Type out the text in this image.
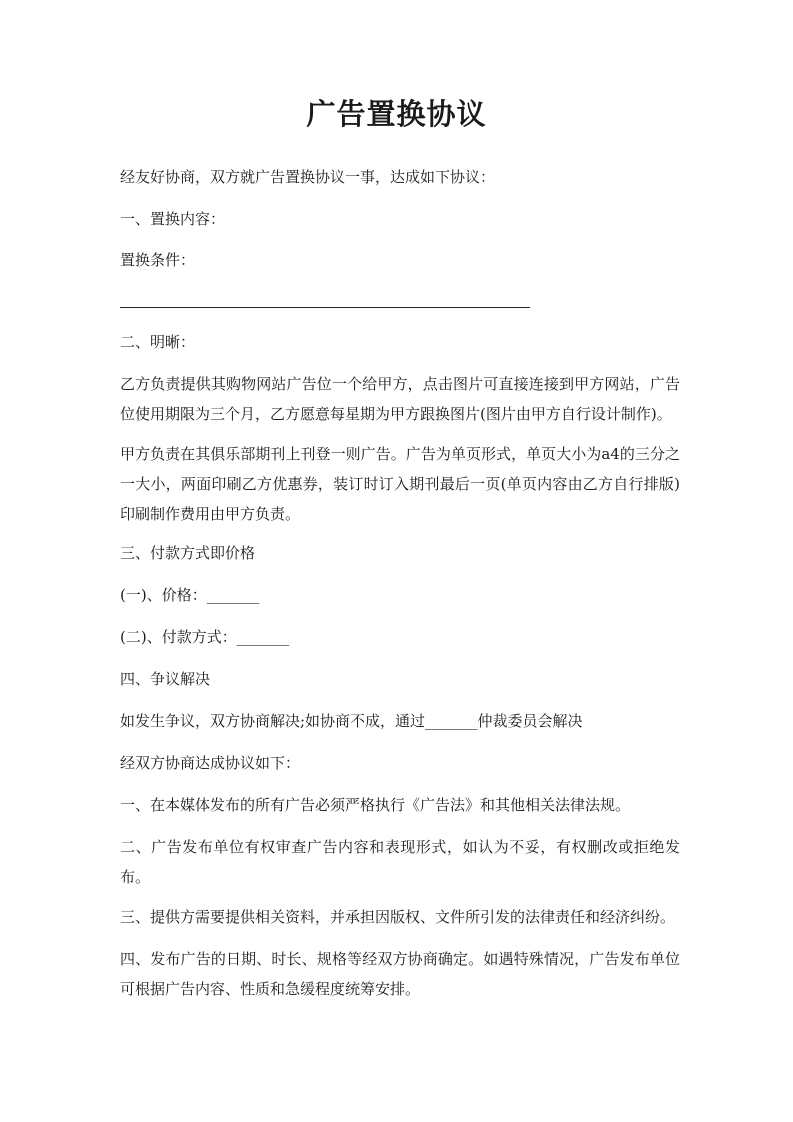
广告置换协议
经友好协商，双方就广告置换协议一事，达成如下协议：
一、置换内容：
置换条件：
二、明晰：
乙方负责提供其购物网站广告位一个给甲方，点击图片可直接连接到甲方网站，广告位使用期限为三个月，乙方愿意每星期为甲方跟换图片(图片由甲方自行设计制作)。
甲方负责在其俱乐部期刊上刊登一则广告。广告为单页形式，单页大小为a4的三分之一大小，两面印刷乙方优惠券，装订时订入期刊最后一页(单页内容由乙方自行排版)印刷制作费用由甲方负责。
三、付款方式即价格
(一)、价格：_______
(二)、付款方式：_______
四、争议解决
如发生争议，双方协商解决;如协商不成，通过_______仲裁委员会解决
经双方协商达成协议如下：
一、在本媒体发布的所有广告必须严格执行《广告法》和其他相关法律法规。
二、广告发布单位有权审查广告内容和表现形式，如认为不妥，有权删改或拒绝发布。
三、提供方需要提供相关资料，并承担因版权、文件所引发的法律责任和经济纠纷。
四、发布广告的日期、时长、规格等经双方协商确定。如遇特殊情况，广告发布单位可根据广告内容、性质和急缓程度统筹安排。
